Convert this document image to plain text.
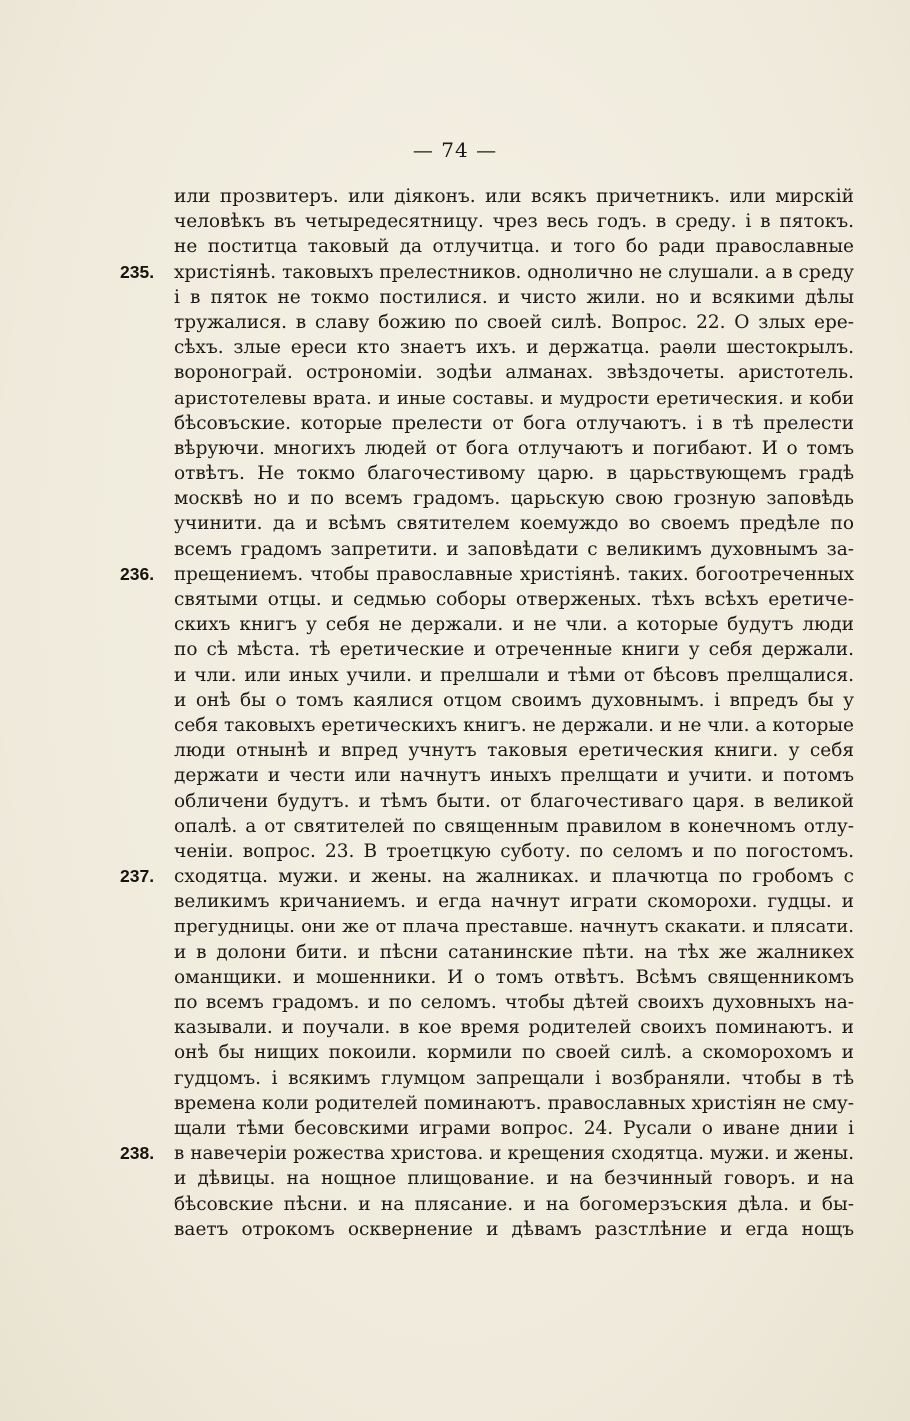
— 74 —
или прозвитеръ. или дiяконъ. или всякъ причетникъ. или мирскiй
человѣкъ въ четыредесятницу. чрез весь годъ. в среду. i в пятокъ.
не поститца таковый да отлучитца. и того бо ради православные
235. христiянѣ. таковыхъ прелестников. однолично не слушали. а в среду
i в пяток не токмо постилися. и чисто жили. но и всякими дѣлы
тружалися. в славу божию по своей силѣ. Вопрос. 22. О злых ере-
сѣхъ. злые ереси кто знаетъ ихъ. и держатца. раѳли шестокрылъ.
воронограй. острономiи. зодѣи алманах. звѣздочеты. аристотель.
аристотелевы врата. и иные составы. и мудрости еретическия. и коби
бѣсовъские. которые прелести от бога отлучаютъ. i в тѣ прелести
вѣруючи. многихъ людей от бога отлучаютъ и погибают. И о томъ
отвѣтъ. Не токмо благочестивому царю. в царьствующемъ градѣ
москвѣ но и по всемъ градомъ. царьскую свою грозную заповѣдь
учинити. да и всѣмъ святителем коемуждо во своемъ предѣле по
всемъ градомъ запретити. и заповѣдати с великимъ духовнымъ за-
236. прещениемъ. чтобы православные христiянѣ. таких. богоотреченных
святыми отцы. и седмью соборы отверженых. тѣхъ всѣхъ еретиче-
скихъ книгъ у себя не держали. и не чли. а которые будутъ люди
по сѣ мѣста. тѣ еретические и отреченные книги у себя держали.
и чли. или иных учили. и прелшали и тѣми от бѣсовъ прелщалися.
и онѣ бы о томъ каялися отцом своимъ духовнымъ. i впредъ бы у
себя таковыхъ еретическихъ книгъ. не держали. и не чли. а которые
люди отнынѣ и впред учнутъ таковыя еретическия книги. у себя
держати и чести или начнутъ иныхъ прелщати и учити. и потомъ
обличени будутъ. и тѣмъ быти. от благочестиваго царя. в великой
опалѣ. а от святителей по священным правилом в конечномъ отлу-
ченiи. вопрос. 23. В троетцкую суботу. по селомъ и по погостомъ.
237. сходятца. мужи. и жены. на жалниках. и плачютца по гробомъ с
великимъ кричаниемъ. и егда начнут играти скоморохи. гудцы. и
прегудницы. они же от плача преставше. начнутъ скакати. и плясати.
и в долони бити. и пѣсни сатанинские пѣти. на тѣх же жалникех
оманщики. и мошенники. И о томъ отвѣтъ. Всѣмъ священникомъ
по всемъ градомъ. и по селомъ. чтобы дѣтей своихъ духовныхъ на-
казывали. и поучали. в кое время родителей своихъ поминаютъ. и
онѣ бы нищих покоили. кормили по своей силѣ. а скоморохомъ и
гудцомъ. i всякимъ глумцом запрещали i возбраняли. чтобы в тѣ
времена коли родителей поминаютъ. православных христiян не сму-
щали тѣми бесовскими играми вопрос. 24. Русали о иване днии i
238. в навечерiи рожества христова. и крещения сходятца. мужи. и жены.
и дѣвицы. на нощное плищование. и на безчинный говоръ. и на
бѣсовские пѣсни. и на плясание. и на богомерзъския дѣла. и бы-
ваетъ отрокомъ осквернение и дѣвамъ разстлѣние и егда нощъ
